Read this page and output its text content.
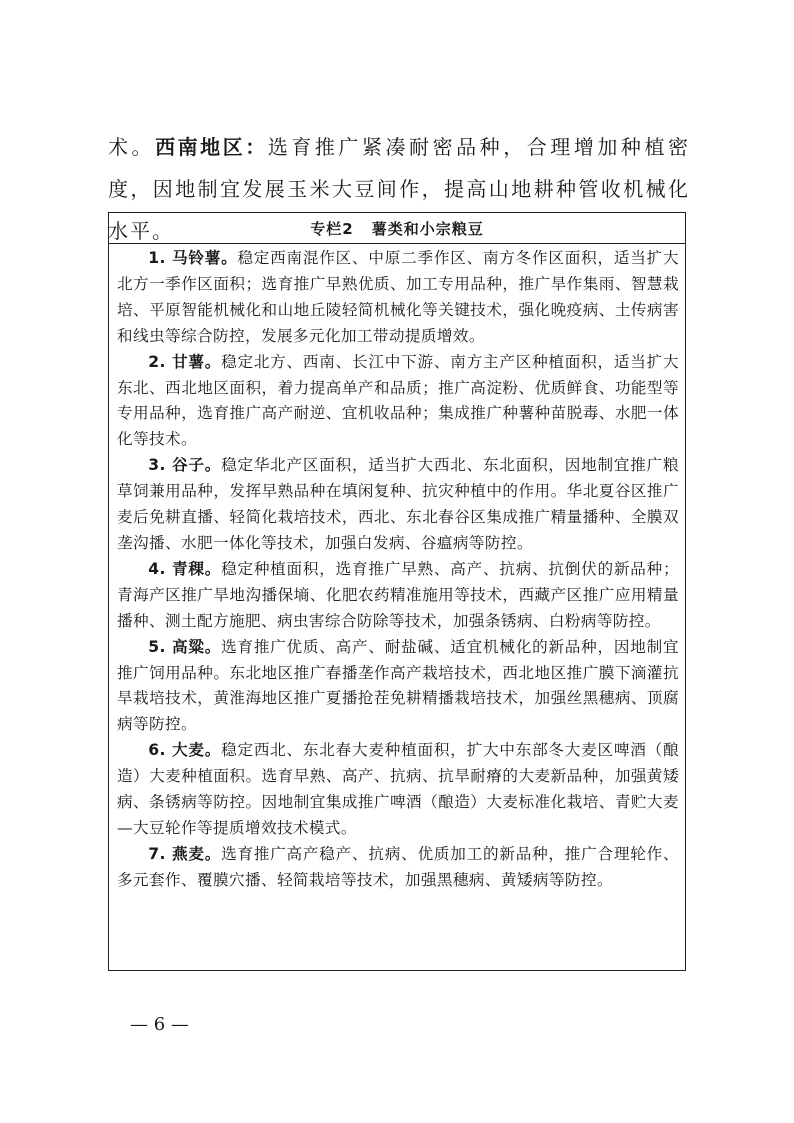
术。西南地区：选育推广紧凑耐密品种，合理增加种植密度，因地制宜发展玉米大豆间作，提高山地耕种管收机械化水平。	专栏2 薯类和小宗粮豆

1. 马铃薯。稳定西南混作区、中原二季作区、南方冬作区面积，适当扩大北方一季作区面积；选育推广早熟优质、加工专用品种，推广旱作集雨、智慧栽培、平原智能机械化和山地丘陵轻简机械化等关键技术，强化晚疫病、土传病害和线虫等综合防控，发展多元化加工带动提质增效。

2. 甘薯。稳定北方、西南、长江中下游、南方主产区种植面积，适当扩大东北、西北地区面积，着力提高单产和品质；推广高淀粉、优质鲜食、功能型等专用品种，选育推广高产耐逆、宜机收品种；集成推广种薯种苗脱毒、水肥一体化等技术。

3. 谷子。稳定华北产区面积，适当扩大西北、东北面积，因地制宜推广粮草饲兼用品种，发挥早熟品种在填闲复种、抗灾种植中的作用。华北夏谷区推广麦后免耕直播、轻简化栽培技术，西北、东北春谷区集成推广精量播种、全膜双垄沟播、水肥一体化等技术，加强白发病、谷瘟病等防控。

4. 青稞。稳定种植面积，选育推广早熟、高产、抗病、抗倒伏的新品种；青海产区推广旱地沟播保墒、化肥农药精准施用等技术，西藏产区推广应用精量播种、测土配方施肥、病虫害综合防除等技术，加强条锈病、白粉病等防控。

5. 高粱。选育推广优质、高产、耐盐碱、适宜机械化的新品种，因地制宜推广饲用品种。东北地区推广春播垄作高产栽培技术，西北地区推广膜下滴灌抗旱栽培技术，黄淮海地区推广夏播抢茬免耕精播栽培技术，加强丝黑穗病、顶腐病等防控。

6. 大麦。稳定西北、东北春大麦种植面积，扩大中东部冬大麦区啤酒（酿造）大麦种植面积。选育早熟、高产、抗病、抗旱耐瘠的大麦新品种，加强黄矮病、条锈病等防控。因地制宜集成推广啤酒（酿造）大麦标准化栽培、青贮大麦—大豆轮作等提质增效技术模式。

7. 燕麦。选育推广高产稳产、抗病、优质加工的新品种，推广合理轮作、多元套作、覆膜穴播、轻简栽培等技术，加强黑穗病、黄矮病等防控。

— 6 —
